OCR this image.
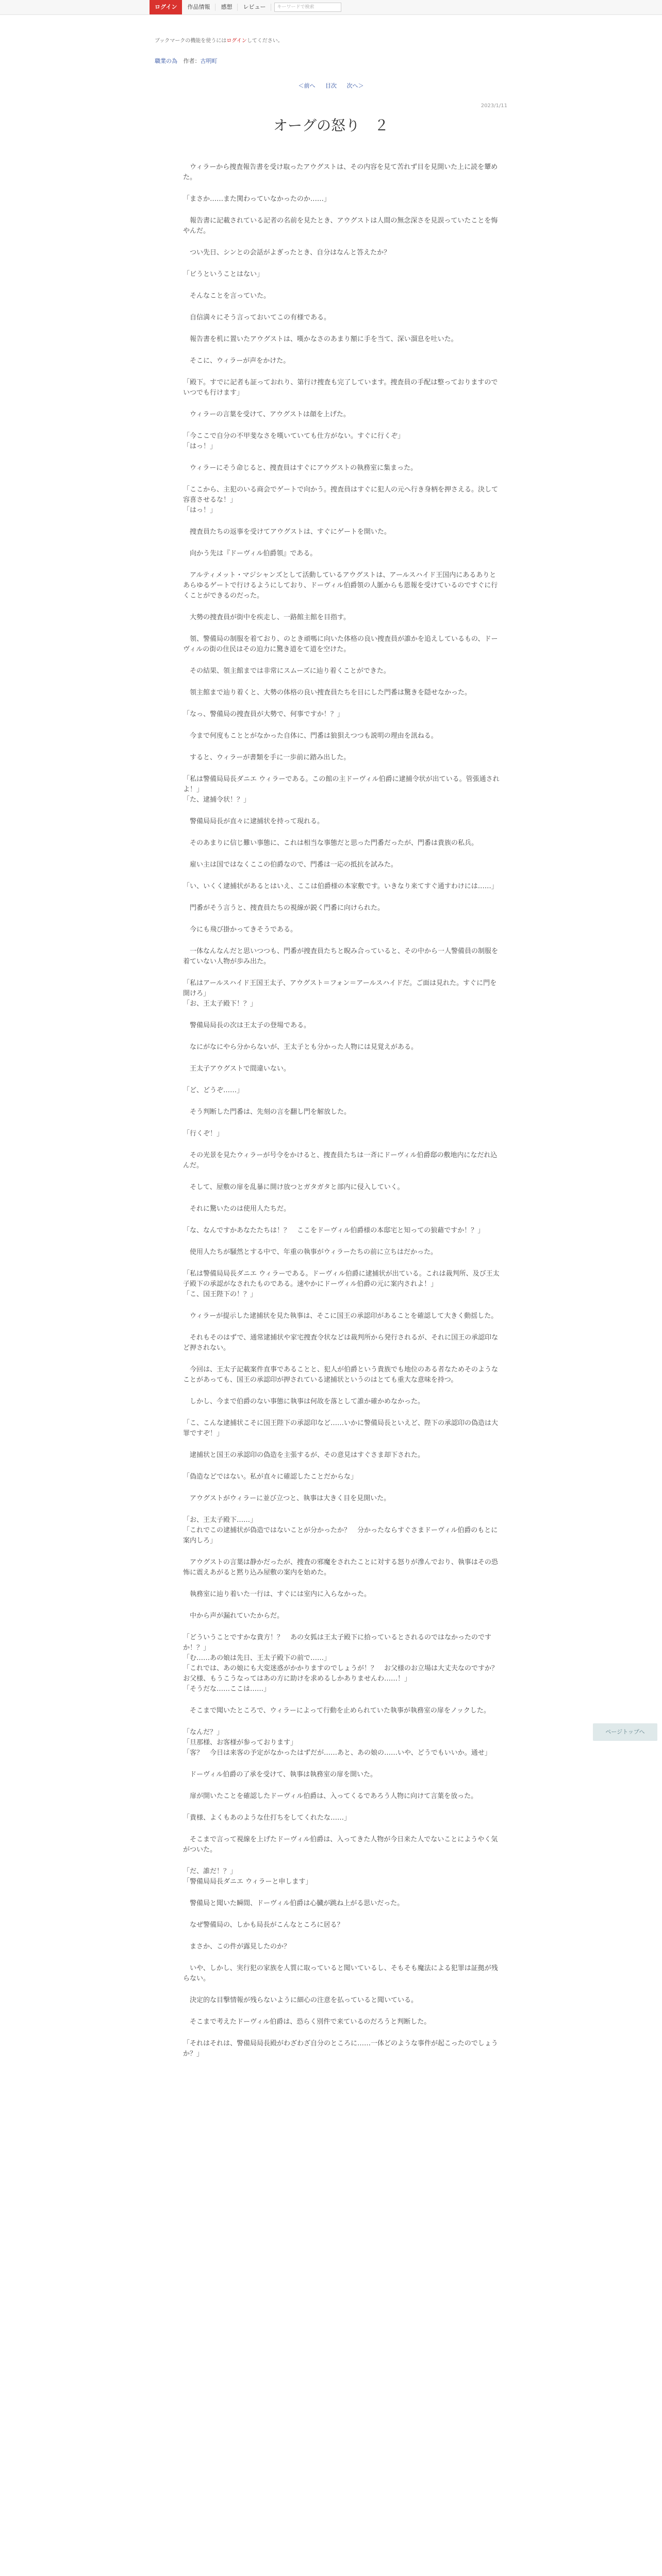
ログイン	作品情報	感想	レビュー	キーワードで検索
ブックマークの機能を使うにはログインしてください。
職業の為 作者：古明町
＜前へ 目次 次へ＞
2023/1/11
オーグの怒り　２

　ウィラーから捜査報告書を受け取ったアウグストは、その内容を見て苦れず目を見開いた上に読を顰めた。

「まさか……また関わっていなかったのか……」

　報告書に記載されている記者の名前を見たとき、アウグストは人間の無念深さを見誤っていたことを悔やんだ。

　つい先日、シンとの会話がよぎったとき、自分はなんと答えたか？

「ビうということはない」

　そんなことを言っていた。

　自信満々にそう言っておいてこの有様である。

　報告書を机に置いたアウグストは、嘆かなさのあまり額に手を当て、深い溜息を吐いた。

　そこに、ウィラーが声をかけた。

「殿下。すでに記者も証っておれり、第行け捜査も完了しています。捜査員の手配は整っておりますのでいつでも行けます」

　ウィラーの言葉を受けて、アウグストは顔を上げた。

「今ここで自分の不甲斐なさを嘆いていても仕方がない。すぐに行くぞ」
「はっ！」

　ウィラーにそう命じると、捜査員はすぐにアウグストの執務室に集まった。

「ここから、主犯のいる商会でゲートで向かう。捜査員はすぐに犯人の元へ行き身柄を押さえる。決して容喜させるな！」
「はっ！」

　捜査員たちの返事を受けてアウグストは、すぐにゲートを開いた。

　向かう先は『ドーヴィル伯爵領』である。

　アルティメット・マジシャンズとして活動しているアウグストは、アールスハイド王国内にあるありとあらゆるゲートで行けるようにしており、ドーヴィル伯爵領の人脈からも恩報を受けているのですぐに行くことができるのだった。

　大勢の捜査員が街中を疾走し、一路館主館を目指す。

　領、警備局の制服を着ており、のとき頑嗎に向いた体格の良い捜査員が誰かを追えしているもの、ドーヴィルの街の住民はその迫力に驚き道をて道を空けた。

　その結果、領主館までは非常にスムーズに辿り着くことができた。

　領主館まで辿り着くと、大勢の体格の良い捜査員たちを目にした門番は驚きを隠せなかった。

「なっ、警備局の捜査員が大勢で、何事ですか！？」

　今まで何度もこととがなかった自体に、門番は狼狽えつつも説明の理由を訊ねる。

　すると、ウィラーが書類を手に一歩前に踏み出した。

「私は警備局局長ダニエ ウィラーである。この館の主ドーヴィル伯爵に逮捕令状が出ている。管張通されよ！」
「た、逮捕令状！？」

　警備局局長が直々に逮捕状を持って現れる。

　そのあまりに信じ難い事態に、これは相当な事態だと思った門番だったが、門番は貴族の私兵。

　雇い主は国ではなくここの伯爵なので、門番は一応の抵抗を試みた。

「い、いくく逮捕状があるとはいえ、ここは伯爵様の本家敷です。いきなり来てすぐ通すわけには……」

　門番がそう言うと、捜査員たちの視線が鋭く門番に向けられた。

　今にも飛び掛かってきそうである。

　一体なんなんだと思いつつも、門番が捜査員たちと睨み合っていると、その中から一人警備員の制服を着ていない人物が歩み出た。

「私はアールスハイド王国王太子、アウグスト＝フォン＝アールスハイドだ。ご面は見れた。すぐに門を開けろ」
「お、王太子殿下！？」

　警備局局長の次は王太子の登場である。

　なにがなにやら分からないが、王太子とも分かった人物には見覚えがある。

　王太子アウグストで間違いない。

「ど、どうぞ……」

　そう判断した門番は、先刻の言を翻し門を解放した。

「行くぞ！」

　その光景を見たウィラーが号令をかけると、捜査員たちは一斉にドーヴィル伯爵邸の敷地内になだれ込んだ。

　そして、屋敷の扉を乱暴に開け放つとガタガタと部内に侵入していく。

　それに驚いたのは使用人たちだ。

「な、なんですかあなたたちは！？　ここをドーヴィル伯爵様の本邸宅と知っての狼藉ですか！？」

　使用人たちが騒然とする中で、年重の執事がウィラーたちの前に立ちはだかった。

「私は警備局局長ダニエ ウィラーである。ドーヴィル伯爵に逮捕状が出ている。これは裁判所、及び王太子殿下の承認がなされたものである。速やかにドーヴィル伯爵の元に案内されよ！」
「こ、国王陛下の！？」

　ウィラーが提示した逮捕状を見た執事は、そこに国王の承認印があることを確認して大きく動揺した。

　それもそのはずで、通常逮捕状や家宅捜査令状などは裁判所から発行されるが、それに国王の承認印など押されない。

　今回は、王太子記載案件直事であることと、犯人が伯爵という貴族でも地位のある者なためそのようなことがあっても、国王の承認印が押されている逮捕状というのはとても重大な意味を持つ。

　しかし、今まで伯爵のない事態に執事は何故を落として誰か確かめなかった。

「こ、こんな逮捕状こそに国王陛下の承認印など……いかに警備局長といえど、陛下の承認印の偽造は大罪ですぞ！」

　逮捕状と国王の承認印の偽造を主張するが、その意見はすぐさま却下された。

「偽造などではない。私が直々に確認したことだからな」

　アウグストがウィラーに並び立つと、執事は大きく目を見開いた。

「お、王太子殿下……」
「これでこの逮捕状が偽造ではないことが分かったか？　分かったならすぐさまドーヴィル伯爵のもとに案内しろ」

　アウグストの言葉は静かだったが、捜査の邪魔をされたことに対する怒りが滲んでおり、執事はその恐怖に震えあがると黙り込み屋敷の案内を始めた。

　執務室に辿り着いた一行は、すぐには室内に入らなかった。

　中から声が漏れていたからだ。

「どういうことですかな貴方！？　あの女狐は王太子殿下に拾っているとされるのではなかったのですか！？」
「む……あの娘は先日、王太子殿下の前で……」
「これでは、あの娘にも大変迷惑がかかりますのでしょうが！？　お父様のお立場は大丈夫なのですか？　お父様、もうこうなってはあの方に助けを求めるしかありませんわ……！」
「そうだな……ここは……」

　そこまで聞いたところで、ウィラーによって行動を止められていた執事が執務室の扉をノックした。

「なんだ？」
「旦那様、お客様が参っております」
「客？　今日は来客の予定がなかったはずだが……あと、あの娘の……いや、どうでもいいか。通せ」

　ドーヴィル伯爵の了承を受けて、執事は執務室の扉を開いた。

　扉が開いたことを確認したドーヴィル伯爵は、入ってくるであろう人物に向けて言葉を放った。

「貴様、よくもあのような仕打ちをしてくれたな……」

　そこまで言って視線を上げたドーヴィル伯爵は、入ってきた人物が今日来た人でないことにようやく気がついた。

「だ、誰だ！？」
「警備局局長ダニエ ウィラーと申します」

　警備局と聞いた瞬間、ドーヴィル伯爵は心臓が跳ね上がる思いだった。

　なぜ警備局の、しかも局長がこんなところに居る？

　まさか、この件が露見したのか？

　いや、しかし、実行犯の家族を人質に取っていると聞いているし、そもそも魔法による犯罪は証拠が残らない。

　決定的な目撃情報が残らないように細心の注意を払っていると聞いている。

　そこまで考えたドーヴィル伯爵は、恐らく別件で来ているのだろうと判断した。

「それはそれは、警備局局長殿がわざわざ自分のところに……一体どのような事件が起こったのでしょうか？」

ページトップへ
